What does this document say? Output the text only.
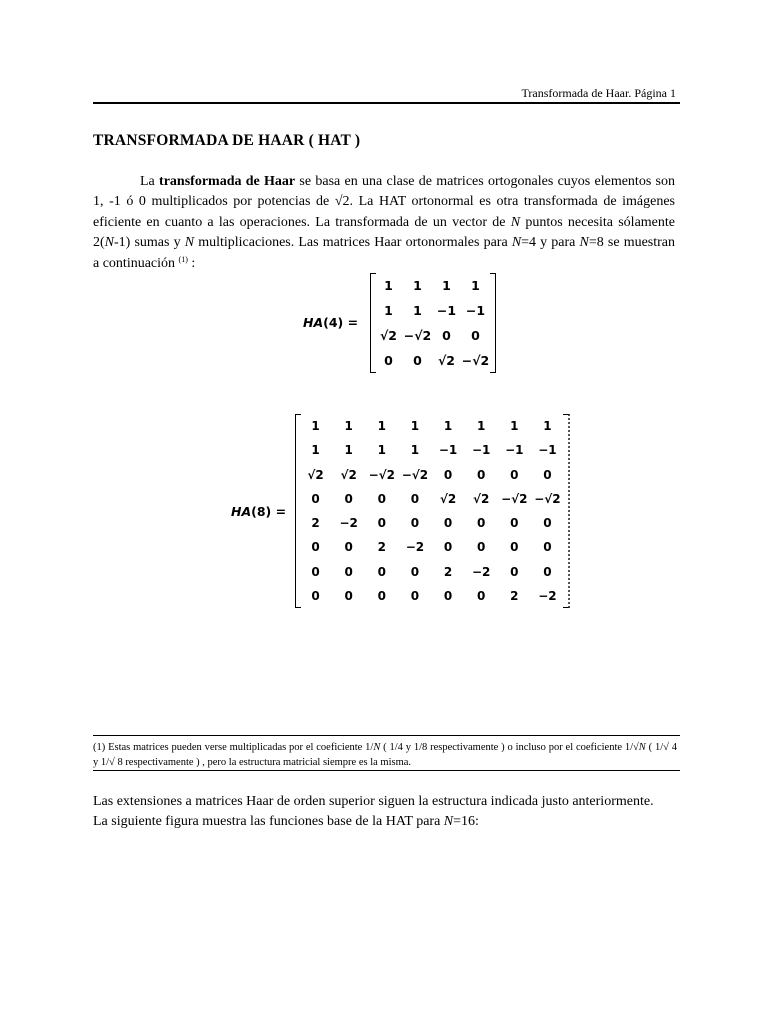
Transformada de Haar. Página 1
TRANSFORMADA DE HAAR ( HAT )

La transformada de Haar se basa en una clase de matrices ortogonales cuyos elementos son 1, -1 ó 0 multiplicados por potencias de √2. La HAT ortonormal es otra transformada de imágenes eficiente en cuanto a las operaciones. La transformada de un vector de N puntos necesita sólamente 2(N-1) sumas y N multiplicaciones. Las matrices Haar ortonormales para N=4 y para N=8 se muestran a continuación $^{(1)}$ :

HA(4) =
1 1 1 1
1 1 −1 −1
√2 −√2 0 0
0 0 √2 −√2
HA(8) =
1 1 1 1 1 1 1 1
1 1 1 1 −1 −1 −1 −1
√2 √2 −√2 −√2 0 0 0 0
0 0 0 0 √2 √2 −√2 −√2
2 −2 0 0 0 0 0 0
0 0 2 −2 0 0 0 0
0 0 0 0 2 −2 0 0
0 0 0 0 0 0 2 −2

(1) Estas matrices pueden verse multiplicadas por el coeficiente 1/N ( 1/4 y 1/8 respectivamente ) o incluso por el coeficiente 1/√N ( 1/√ 4 y 1/√ 8 respectivamente ) , pero la estructura matricial siempre es la misma.

Las extensiones a matrices Haar de orden superior siguen la estructura indicada justo anteriormente.

La siguiente figura muestra las funciones base de la HAT para N=16:
